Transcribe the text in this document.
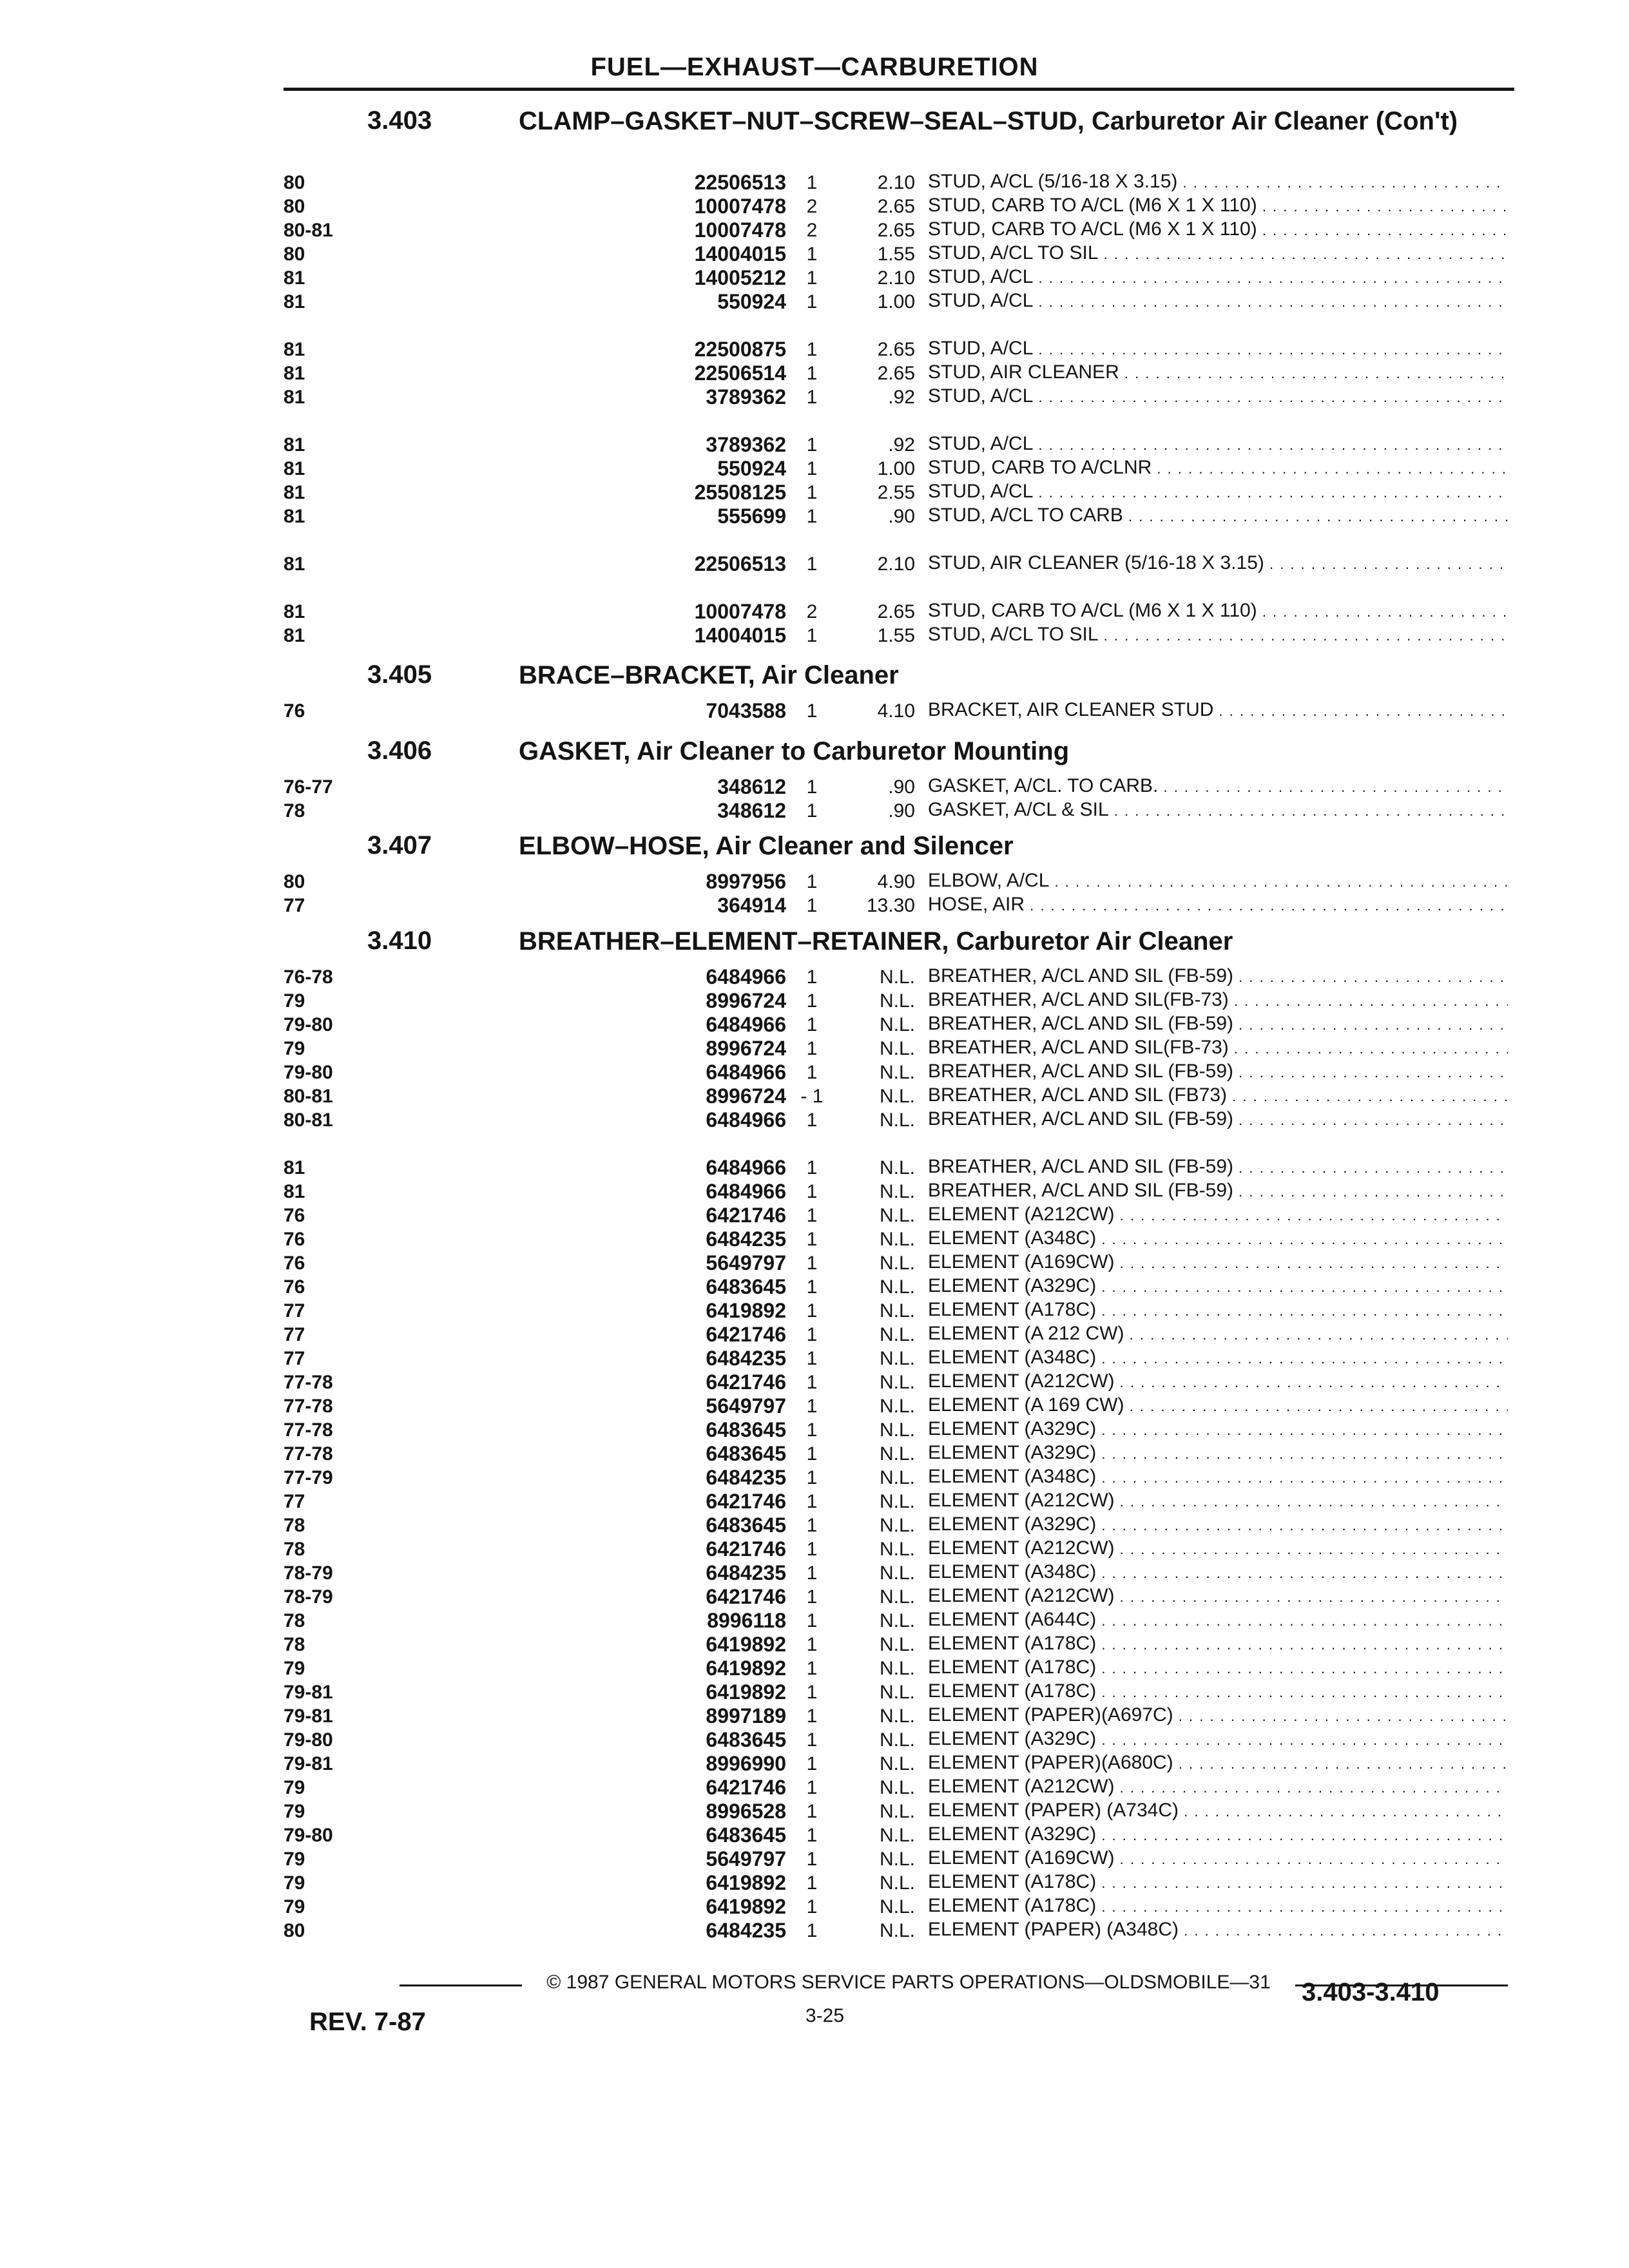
FUEL—EXHAUST—CARBURETION
3.403	CLAMP–GASKET–NUT–SCREW–SEAL–STUD, Carburetor Air Cleaner (Con't)
80	22506513	1	2.10 STUD, A/CL (5/16-18 X 3.15) . . .
80	10007478	2	2.65 STUD, CARB TO A/CL (M6 X 1 X 110) . . .
80-81	10007478	2	2.65 STUD, CARB TO A/CL (M6 X 1 X 110) . . .
80	14004015	1	1.55 STUD, A/CL TO SIL . . .
81	14005212	1	2.10 STUD, A/CL . . .
81	550924	1	1.00 STUD, A/CL . . .
81	22500875	1	2.65 STUD, A/CL . . .
81	22506514	1	2.65 STUD, AIR CLEANER . . .
81	3789362	1	.92 STUD, A/CL . . .
81	3789362	1	.92 STUD, A/CL . . .
81	550924	1	1.00 STUD, CARB TO A/CLNR . . .
81	25508125	1	2.55 STUD, A/CL . . .
81	555699	1	.90 STUD, A/CL TO CARB . . .
81	22506513	1	2.10 STUD, AIR CLEANER (5/16-18 X 3.15) . . .
81	10007478	2	2.65 STUD, CARB TO A/CL (M6 X 1 X 110) . . .
81	14004015	1	1.55 STUD, A/CL TO SIL . . .
3.405	BRACE–BRACKET, Air Cleaner
76	7043588	1	4.10 BRACKET, AIR CLEANER STUD . . .
3.406	GASKET, Air Cleaner to Carburetor Mounting
76-77	348612	1	.90 GASKET, A/CL. TO CARB. . . .
78	348612	1	.90 GASKET, A/CL & SIL . . .
3.407	ELBOW–HOSE, Air Cleaner and Silencer
80	8997956	1	4.90 ELBOW, A/CL . . .
77	364914	1	13.30 HOSE, AIR . . .
3.410	BREATHER–ELEMENT–RETAINER, Carburetor Air Cleaner
76-78	6484966	1	N.L. BREATHER, A/CL AND SIL (FB-59) . . .
79	8996724	1	N.L. BREATHER, A/CL AND SIL(FB-73) . . .
79-80	6484966	1	N.L. BREATHER, A/CL AND SIL (FB-59) . . .
79	8996724	1	N.L. BREATHER, A/CL AND SIL(FB-73) . . .
79-80	6484966	1	N.L. BREATHER, A/CL AND SIL (FB-59) . . .
80-81	8996724 - 1	N.L. BREATHER, A/CL AND SIL (FB73) . . .
80-81	6484966	1	N.L. BREATHER, A/CL AND SIL (FB-59) . . .
81	6484966	1	N.L. BREATHER, A/CL AND SIL (FB-59) . . .
81	6484966	1	N.L. BREATHER, A/CL AND SIL (FB-59) . . .
76	6421746	1	N.L. ELEMENT (A212CW) . . .
76	6484235	1	N.L. ELEMENT (A348C) . . .
76	5649797	1	N.L. ELEMENT (A169CW) . . .
76	6483645	1	N.L. ELEMENT (A329C) . . .
77	6419892	1	N.L. ELEMENT (A178C) . . .
77	6421746	1	N.L. ELEMENT (A 212 CW) . . .
77	6484235	1	N.L. ELEMENT (A348C) . . .
77-78	6421746	1	N.L. ELEMENT (A212CW) . . .
77-78	5649797	1	N.L. ELEMENT (A 169 CW) . . .
77-78	6483645	1	N.L. ELEMENT (A329C) . . .
77-78	6483645	1	N.L. ELEMENT (A329C) . . .
77-79	6484235	1	N.L. ELEMENT (A348C) . . .
77	6421746	1	N.L. ELEMENT (A212CW) . . .
78	6483645	1	N.L. ELEMENT (A329C) . . .
78	6421746	1	N.L. ELEMENT (A212CW) . . .
78-79	6484235	1	N.L. ELEMENT (A348C) . . .
78-79	6421746	1	N.L. ELEMENT (A212CW) . . .
78	8996118	1	N.L. ELEMENT (A644C) . . .
78	6419892	1	N.L. ELEMENT (A178C) . . .
79	6419892	1	N.L. ELEMENT (A178C) . . .
79-81	6419892	1	N.L. ELEMENT (A178C) . . .
79-81	8997189	1	N.L. ELEMENT (PAPER)(A697C) . . .
79-80	6483645	1	N.L. ELEMENT (A329C) . . .
79-81	8996990	1	N.L. ELEMENT (PAPER)(A680C) . . .
79	6421746	1	N.L. ELEMENT (A212CW) . . .
79	8996528	1	N.L. ELEMENT (PAPER) (A734C) . . .
79-80	6483645	1	N.L. ELEMENT (A329C) . . .
79	5649797	1	N.L. ELEMENT (A169CW) . . .
79	6419892	1	N.L. ELEMENT (A178C) . . .
79	6419892	1	N.L. ELEMENT (A178C) . . .
80	6484235	1	N.L. ELEMENT (PAPER) (A348C) . . .
© 1987 GENERAL MOTORS SERVICE PARTS OPERATIONS—OLDSMOBILE—31
3-25
REV. 7-87
3.403-3.410
